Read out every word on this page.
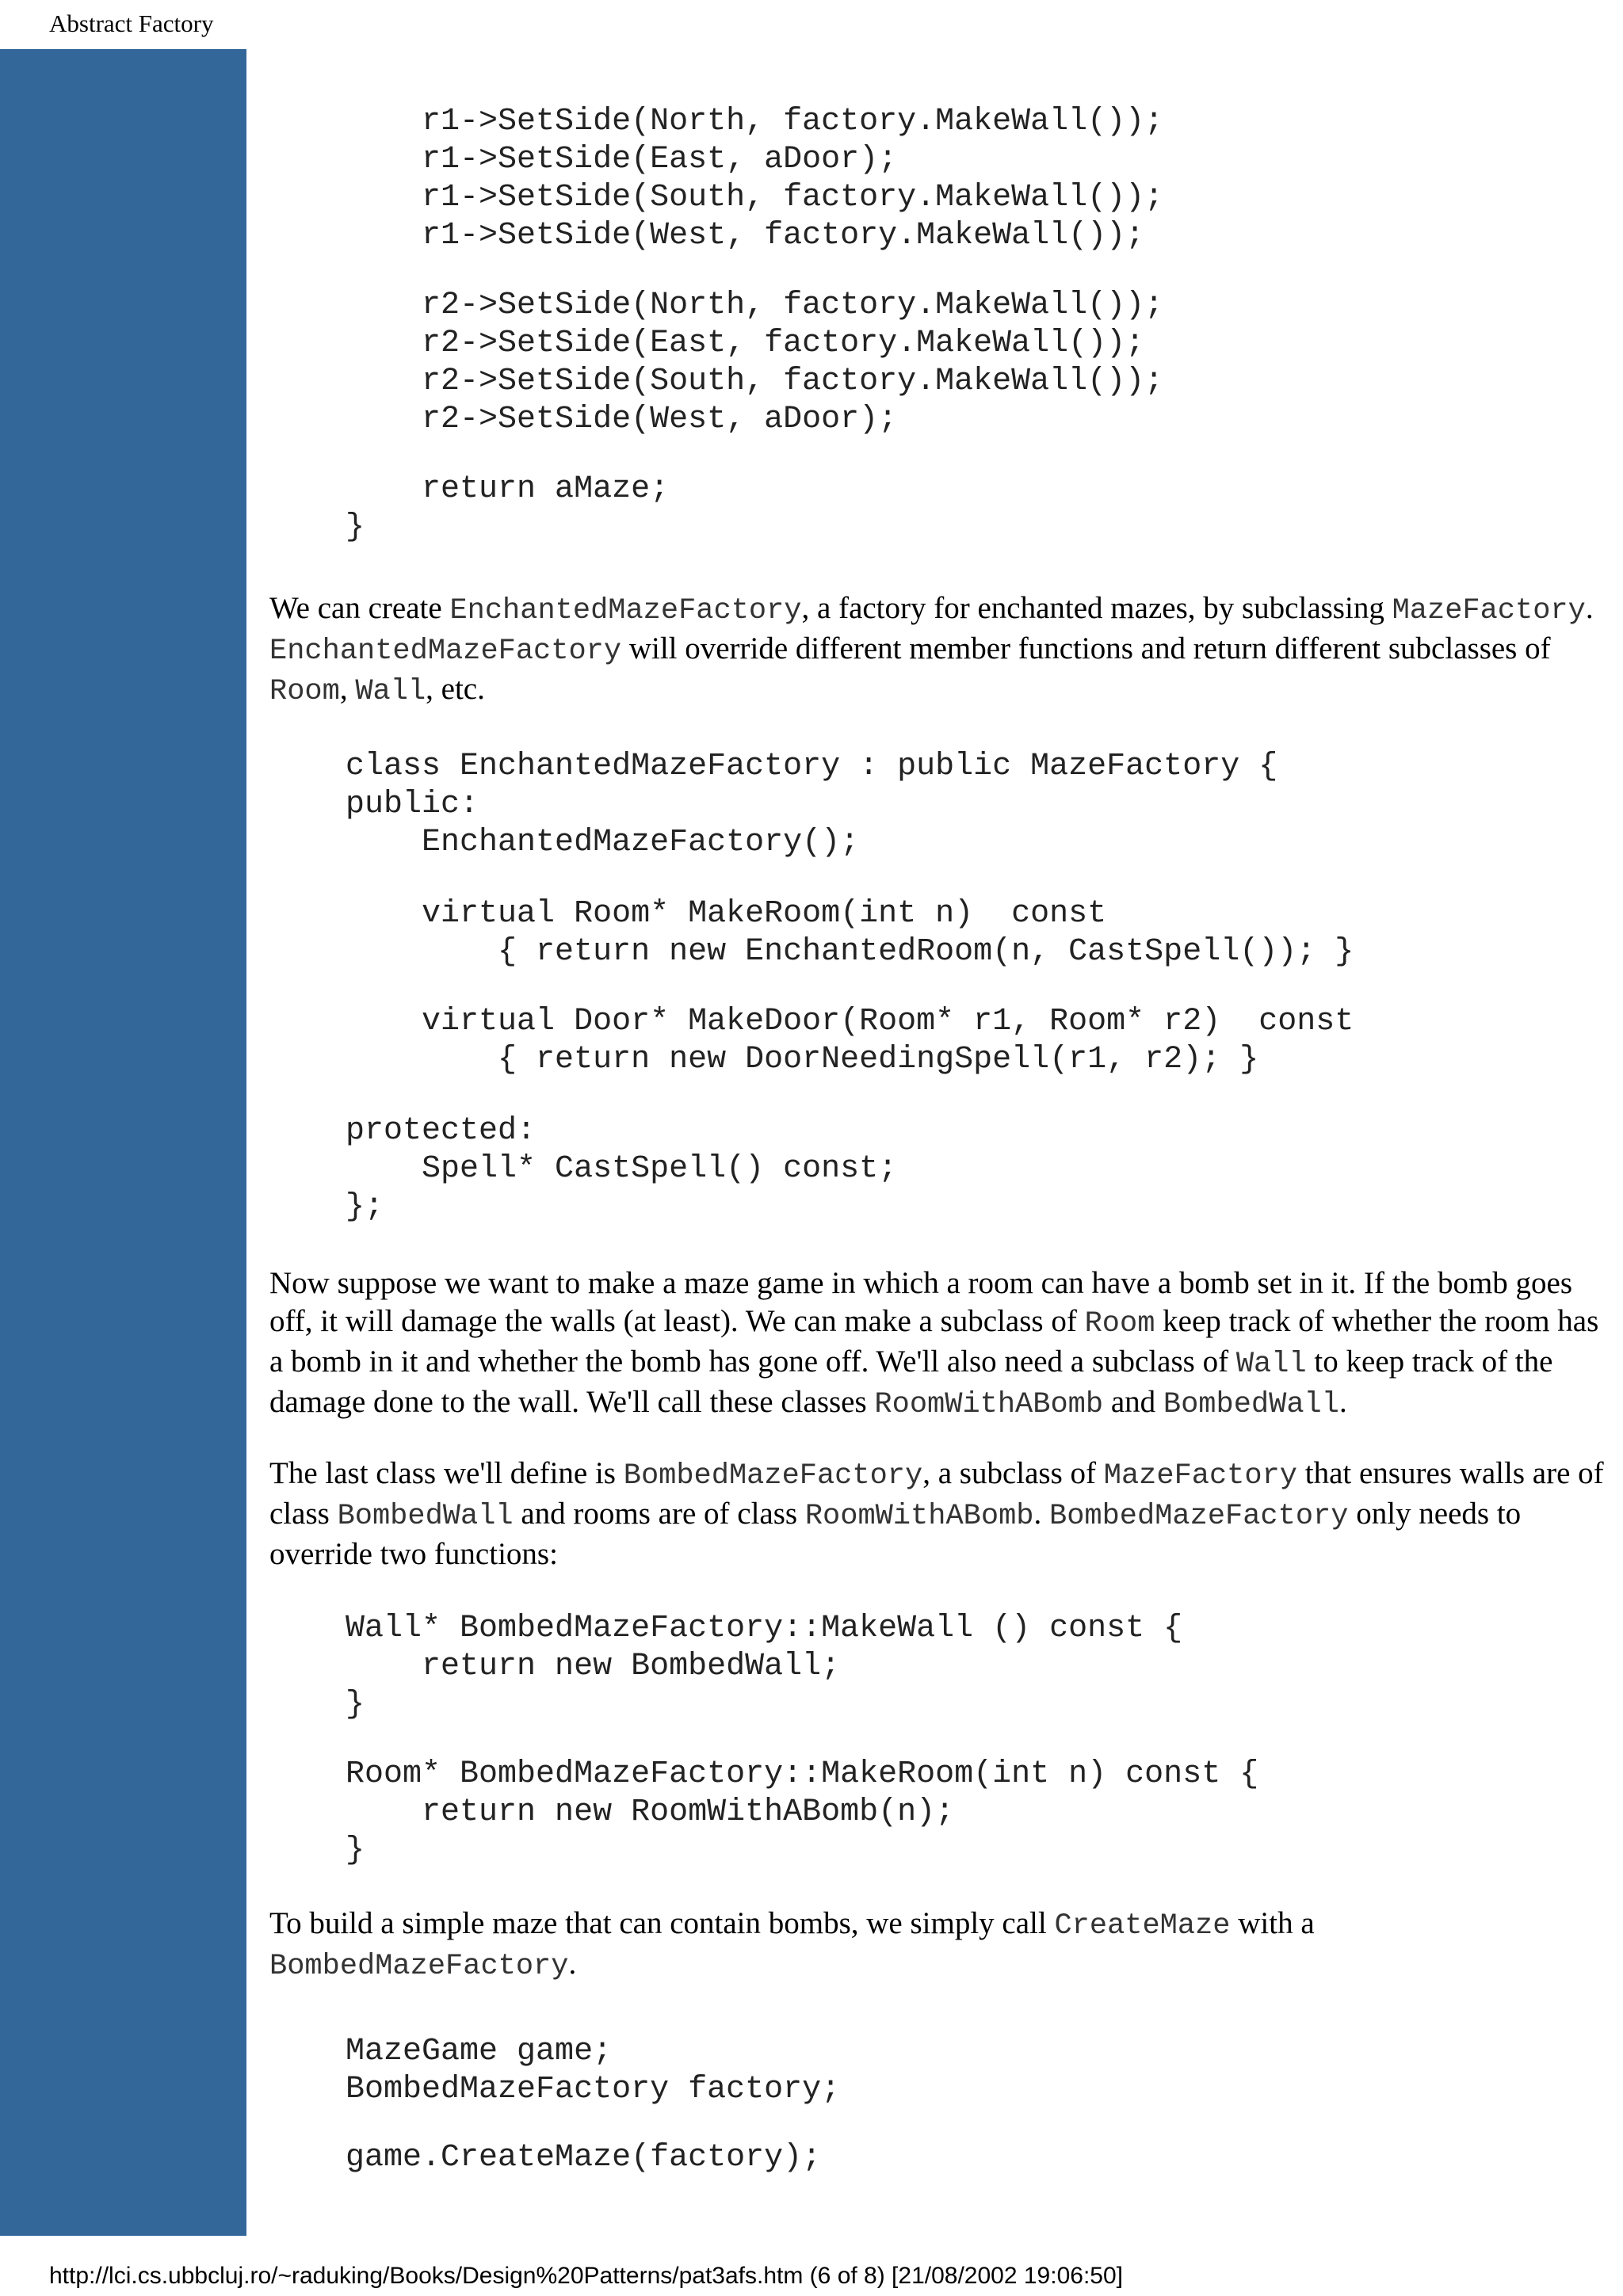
Abstract Factory
r1->SetSide(North, factory.MakeWall());
r1->SetSide(East, aDoor);
r1->SetSide(South, factory.MakeWall());
r1->SetSide(West, factory.MakeWall());
r2->SetSide(North, factory.MakeWall());
r2->SetSide(East, factory.MakeWall());
r2->SetSide(South, factory.MakeWall());
r2->SetSide(West, aDoor);
return aMaze;
}

We can create EnchantedMazeFactory, a factory for enchanted mazes, by subclassing MazeFactory. EnchantedMazeFactory will override different member functions and return different subclasses of Room, Wall, etc.

class EnchantedMazeFactory : public MazeFactory {
public:
EnchantedMazeFactory();
virtual Room* MakeRoom(int n)  const
{ return new EnchantedRoom(n, CastSpell()); }
virtual Door* MakeDoor(Room* r1, Room* r2)  const
{ return new DoorNeedingSpell(r1, r2); }
protected:
Spell* CastSpell() const;
};

Now suppose we want to make a maze game in which a room can have a bomb set in it. If the bomb goes off, it will damage the walls (at least). We can make a subclass of Room keep track of whether the room has a bomb in it and whether the bomb has gone off. We'll also need a subclass of Wall to keep track of the damage done to the wall. We'll call these classes RoomWithABomb and BombedWall.

The last class we'll define is BombedMazeFactory, a subclass of MazeFactory that ensures walls are of class BombedWall and rooms are of class RoomWithABomb. BombedMazeFactory only needs to override two functions:

Wall* BombedMazeFactory::MakeWall () const {
return new BombedWall;
}
Room* BombedMazeFactory::MakeRoom(int n) const {
return new RoomWithABomb(n);
}

To build a simple maze that can contain bombs, we simply call CreateMaze with a BombedMazeFactory.

MazeGame game;
BombedMazeFactory factory;
game.CreateMaze(factory);
http://lci.cs.ubbcluj.ro/~raduking/Books/Design%20Patterns/pat3afs.htm (6 of 8) [21/08/2002 19:06:50]
